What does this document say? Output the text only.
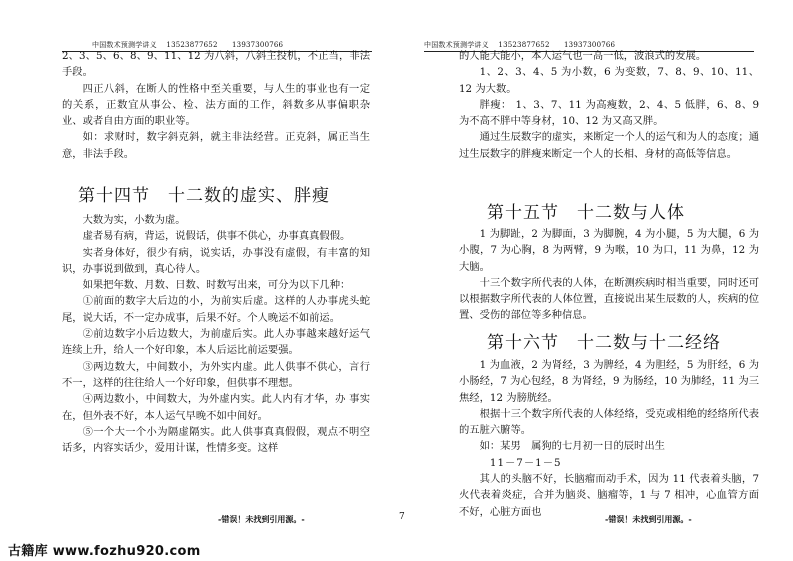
中国数术预测学讲义　 13523877652　　13937300766

2、3、5、6、8、9、11、12 为八斜，八斜主投机，不正当，非法手段。

四正八斜，在断人的性格中至关重要，与人生的事业也有一定的关系，正数宜从事公、检、法方面的工作，斜数多从事偏职杂业、或者自由方面的职业等。

如：求财时，数字斜克斜，就主非法经营。正克斜，属正当生意，非法手段。

第十四节　十二数的虚实、胖瘦

大数为实，小数为虚。

虚者易有病，背运，说假话，供事不供心，办事真真假假。

实者身体好，很少有病，说实话，办事没有虚假，有丰富的知识，办事说到做到，真心待人。

如果把年数、月数、日数、时数写出来，可分为以下几种：

①前面的数字大后边的小，为前实后虚。这样的人办事虎头蛇尾，说大话，不一定办成事，后果不好。个人晚运不如前运。

②前边数字小后边数大，为前虚后实。此人办事越来越好运气连续上升，给人一个好印象，本人后运比前运要强。

③两边数大，中间数小，为外实内虚。此人供事不供心，言行不一，这样的往往给人一个好印象，但供事不理想。

④两边数小，中间数大，为外虚内实。此人内有才华，办 事实在，但外表不好，本人运气早晚不如中间好。

⑤一个大一个小为隔虚隔实。此人供事真真假假，观点不明空话多，内容实话少，爱用计谋，性情多变。这样

-错误！未找到引用源。-	7
中国数术预测学讲义　 13523877652　　13937300766

的人能大能小，本人运气也一高一低，波浪式的发展。

1、2、3、4、5 为小数，6 为变数，7、8、9、10、11、12 为大数。

胖瘦： 1、3、7、11 为高瘦数，2、4、5 低胖，6、8、9 为不高不胖中等身材，10、12 为又高又胖。

通过生辰数字的虚实，来断定一个人的运气和为人的态度；通过生辰数字的胖瘦来断定一个人的长相、身材的高低等信息。

第十五节　十二数与人体

1 为脚趾，2 为脚面，3 为脚腕，4 为小腿，5 为大腿，6 为小腹，7 为心胸，8 为两臂，9 为喉，10 为口，11 为鼻，12 为大脑。

十三个数字所代表的人体，在断测疾病时相当重要，同时还可以根据数字所代表的人体位置，直接说出某生辰数的人，疾病的位置、受伤的部位等多种信息。

第十六节　十二数与十二经络

1 为血液，2 为肾经，3 为脾经，4 为胆经，5 为肝经，6 为小肠经，7 为心包经，8 为肾经，9 为肠经，10 为肺经，11 为三焦经，12 为膀胱经。

根据十三个数字所代表的人体经络，受克或相绝的经络所代表的五脏六腑等。

如：某男　属狗的七月初一日的辰时出生

11－7－1－5

其人的头脑不好，长脑瘤而动手术，因为 11 代表着头脑，7 火代表着炎症，合并为脑炎、脑瘤等，1 与 7 相冲，心血管方面不好，心脏方面也

-错误！未找到引用源。-
古籍库 www.fozhu920.com
